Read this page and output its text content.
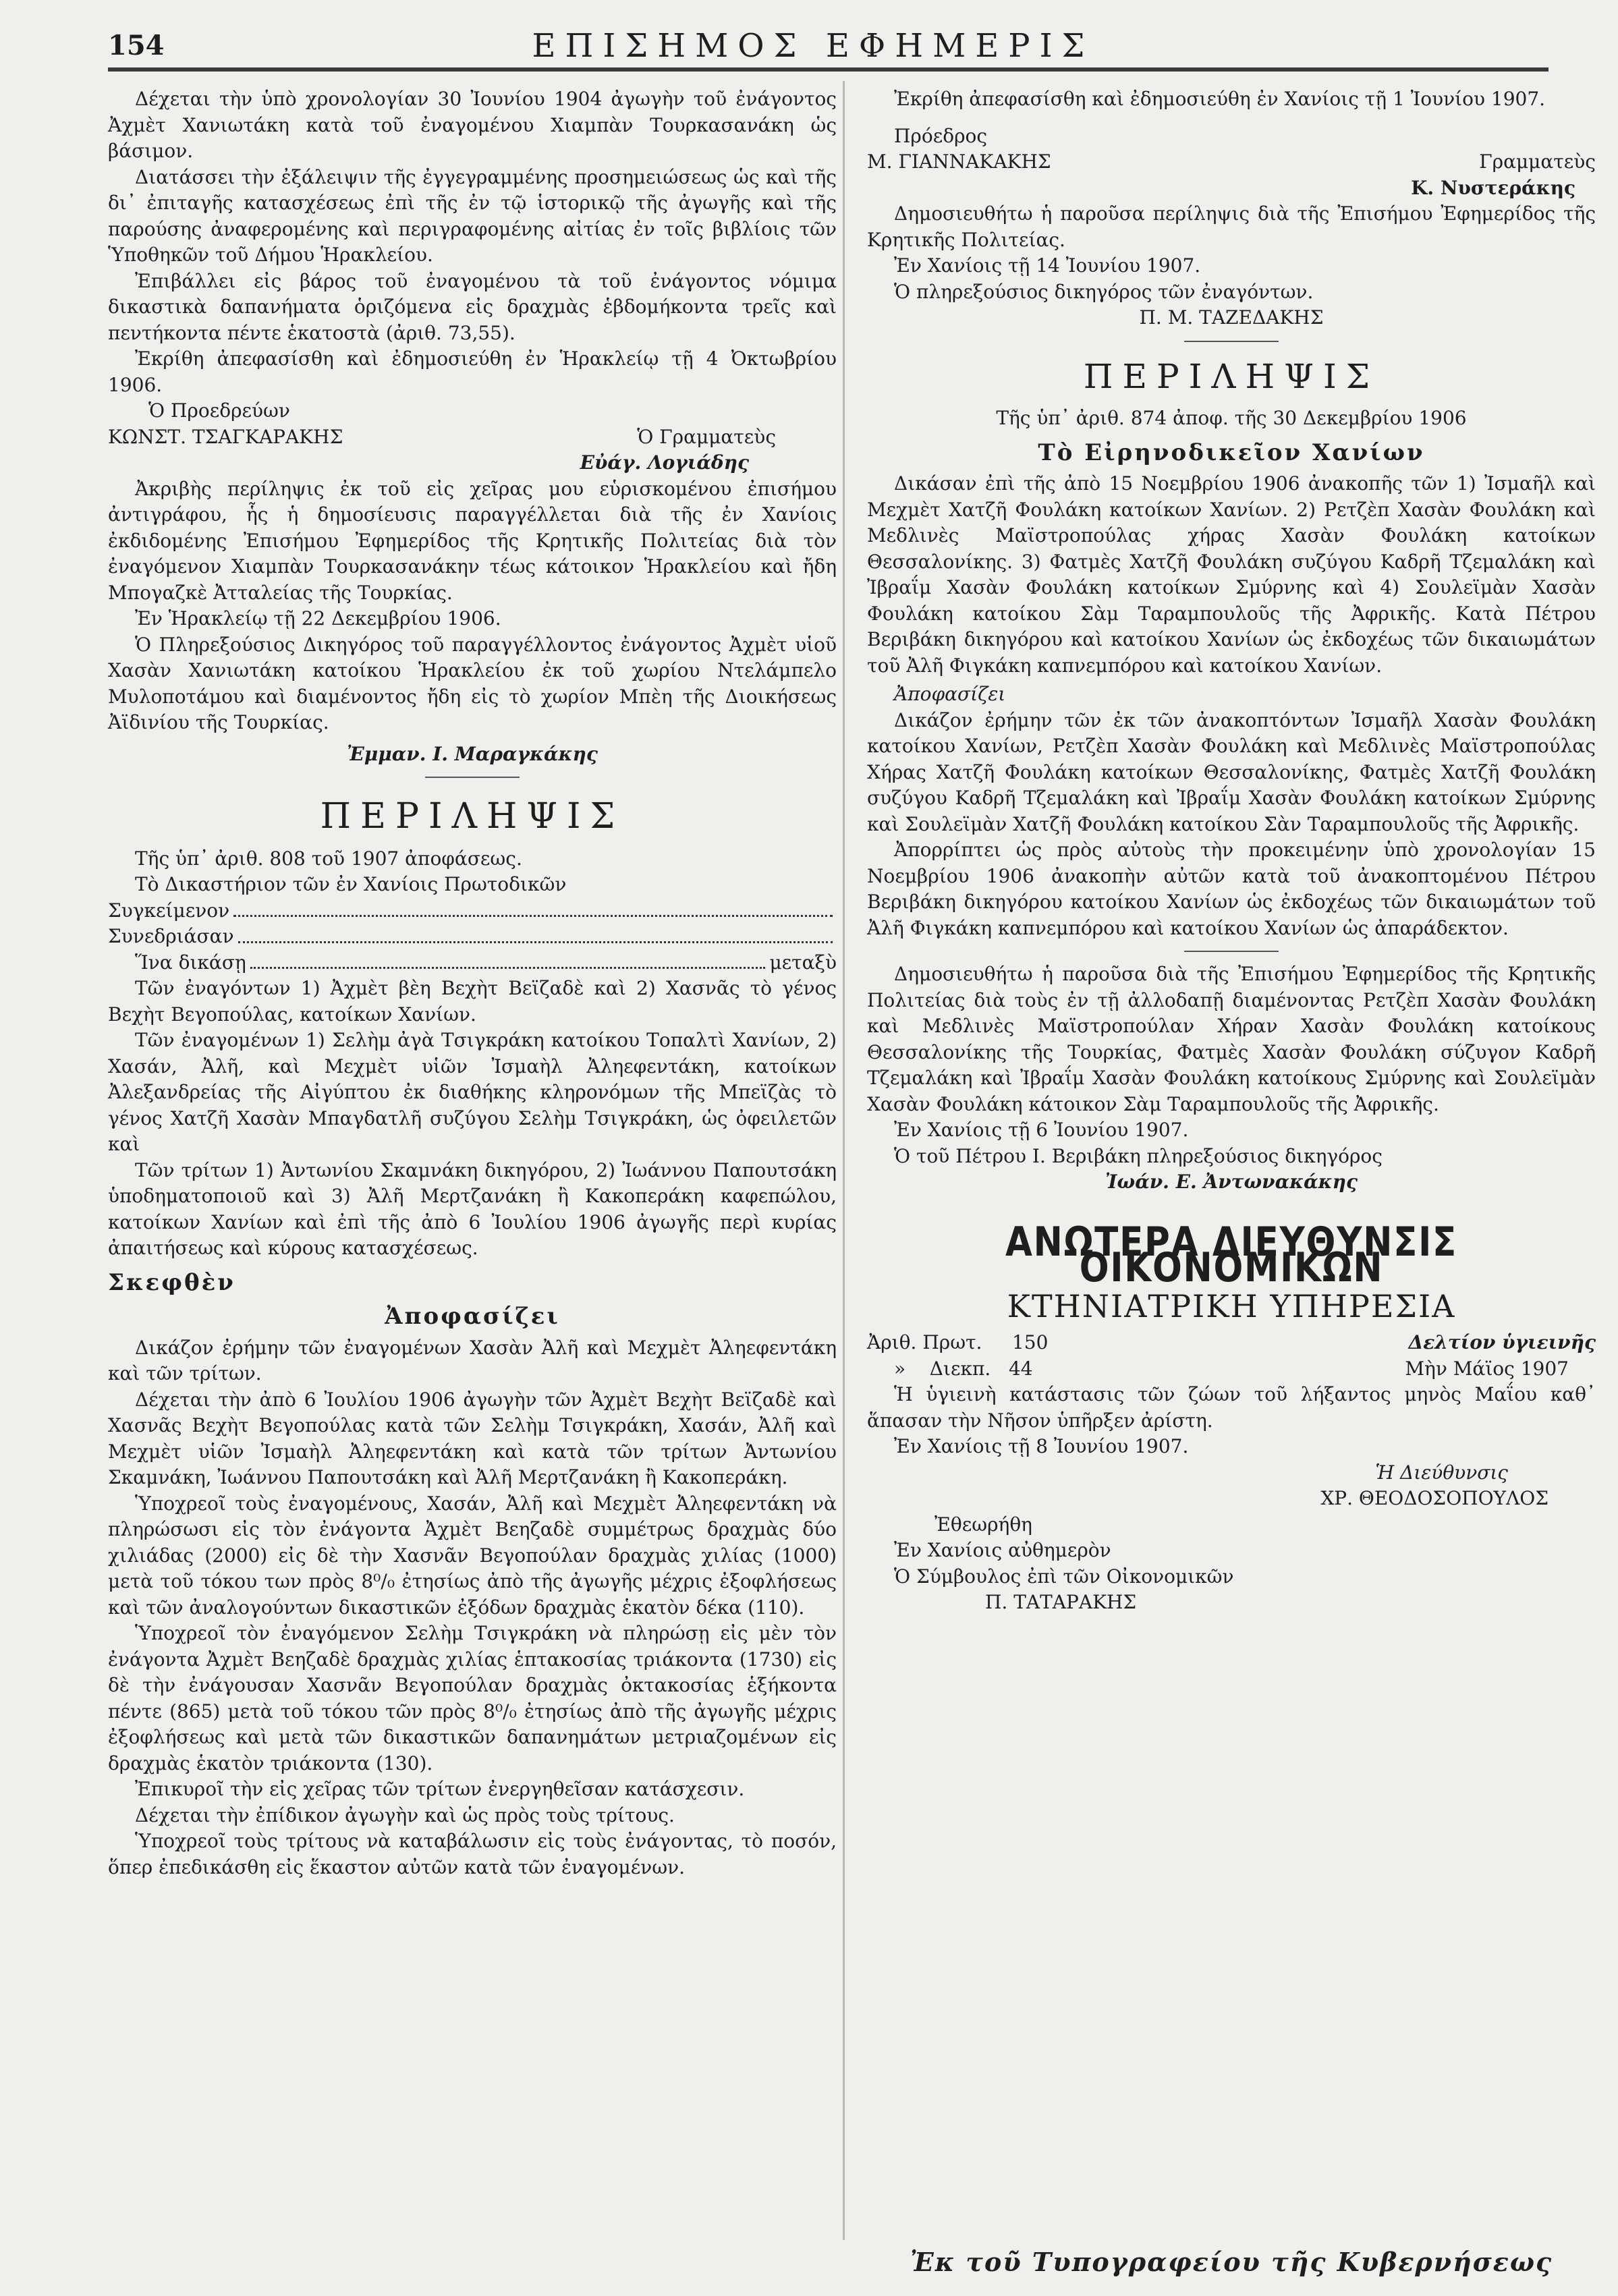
154	ΕΠΙΣΗΜΟΣ ΕΦΗΜΕΡΙΣ

Δέχεται τὴν ὑπὸ χρονολογίαν 30 Ἰουνίου 1904 ἀγωγὴν τοῦ ἐνάγοντος Ἀχμὲτ Χανιωτάκη κατὰ τοῦ ἐναγομένου Χιαμπὰν Τουρκασανάκη ὡς βάσιμον.

Διατάσσει τὴν ἐξάλειψιν τῆς ἐγγεγραμμένης προσημειώσεως ὡς καὶ τῆς δι᾽ ἐπιταγῆς κατασχέσεως ἐπὶ τῆς ἐν τῷ ἱστορικῷ τῆς ἀγωγῆς καὶ τῆς παρούσης ἀναφερομένης καὶ περιγραφομένης αἰτίας ἐν τοῖς βιβλίοις τῶν Ὑποθηκῶν τοῦ Δήμου Ἡρακλείου.

Ἐπιβάλλει εἰς βάρος τοῦ ἐναγομένου τὰ τοῦ ἐνάγοντος νόμιμα δικαστικὰ δαπανήματα ὁριζόμενα εἰς δραχμὰς ἑβδομήκοντα τρεῖς καὶ πεντήκοντα πέντε ἑκατοστὰ (ἀριθ. 73,55).

Ἐκρίθη ἀπεφασίσθη καὶ ἐδημοσιεύθη ἐν Ἡρακλείῳ τῇ 4 Ὀκτωβρίου 1906.

Ὁ Προεδρεύων

ΚΩΝΣΤ. ΤΣΑΓΚΑΡΑΚΗΣ	Ὁ Γραμματεὺς

Εὐάγ. Λογιάδης

Ἀκριβὴς περίληψις ἐκ τοῦ εἰς χεῖρας μου εὑρισκομένου ἐπισήμου ἀντιγράφου, ἧς ἡ δημοσίευσις παραγγέλλεται διὰ τῆς ἐν Χανίοις ἐκδιδομένης Ἐπισήμου Ἐφημερίδος τῆς Κρητικῆς Πολιτείας διὰ τὸν ἐναγόμενον Χιαμπὰν Τουρκασανάκην τέως κάτοικον Ἡρακλείου καὶ ἤδη Μπογαζκὲ Ἀτταλείας τῆς Τουρκίας.

Ἐν Ἡρακλείῳ τῇ 22 Δεκεμβρίου 1906.

Ὁ Πληρεξούσιος Δικηγόρος τοῦ παραγγέλλοντος ἐνάγοντος Ἀχμὲτ υἱοῦ Χασὰν Χανιωτάκη κατοίκου Ἡρακλείου ἐκ τοῦ χωρίου Ντελάμπελο Μυλοποτάμου καὶ διαμένοντος ἤδη εἰς τὸ χωρίον Μπὲη τῆς Διοικήσεως Ἀϊδινίου τῆς Τουρκίας.

Ἐμμαν. Ι. Μαραγκάκης

ΠΕΡΙΛΗΨΙΣ

Τῆς ὑπ᾽ ἀριθ. 808 τοῦ 1907 ἀποφάσεως.

Τὸ Δικαστήριον τῶν ἐν Χανίοις Πρωτοδικῶν

Συγκείμενον
Συνεδριάσαν
Ἵνα δικάσῃ	μεταξὺ

Τῶν ἐναγόντων 1) Ἀχμὲτ βὲη Βεχὴτ Βεϊζαδὲ καὶ 2) Χασνᾶς τὸ γένος Βεχὴτ Βεγοπούλας, κατοίκων Χανίων.

Τῶν ἐναγομένων 1) Σελὴμ ἀγὰ Τσιγκράκη κατοίκου Τοπαλτὶ Χανίων, 2) Χασάν, Ἀλῆ, καὶ Μεχμὲτ υἱῶν Ἰσμαὴλ Ἀληεφεντάκη, κατοίκων Ἀλεξανδρείας τῆς Αἰγύπτου ἐκ διαθήκης κληρονόμων τῆς Μπεϊζὰς τὸ γένος Χατζῆ Χασὰν Μπαγδατλῆ συζύγου Σελὴμ Τσιγκράκη, ὡς ὀφειλετῶν καὶ

Τῶν τρίτων 1) Ἀντωνίου Σκαμνάκη δικηγόρου, 2) Ἰωάννου Παπουτσάκη ὑποδηματοποιοῦ καὶ 3) Ἀλῆ Μερτζανάκη ἢ Κακοπεράκη καφεπώλου, κατοίκων Χανίων καὶ ἐπὶ τῆς ἀπὸ 6 Ἰουλίου 1906 ἀγωγῆς περὶ κυρίας ἀπαιτήσεως καὶ κύρους κατασχέσεως.

Σκεφθὲν

Ἀποφασίζει

Δικάζον ἐρήμην τῶν ἐναγομένων Χασὰν Ἀλῆ καὶ Μεχμὲτ Ἀληεφεντάκη καὶ τῶν τρίτων.

Δέχεται τὴν ἀπὸ 6 Ἰουλίου 1906 ἀγωγὴν τῶν Ἀχμὲτ Βεχὴτ Βεϊζαδὲ καὶ Χασνᾶς Βεχὴτ Βεγοπούλας κατὰ τῶν Σελὴμ Τσιγκράκη, Χασάν, Ἀλῆ καὶ Μεχμὲτ υἱῶν Ἰσμαὴλ Ἀληεφεντάκη καὶ κατὰ τῶν τρίτων Ἀντωνίου Σκαμνάκη, Ἰωάννου Παπουτσάκη καὶ Ἀλῆ Μερτζανάκη ἢ Κακοπεράκη.

Ὑποχρεοῖ τοὺς ἐναγομένους, Χασάν, Ἀλῆ καὶ Μεχμὲτ Ἀληεφεντάκη νὰ πληρώσωσι εἰς τὸν ἐνάγοντα Ἀχμὲτ Βεηζαδὲ συμμέτρως δραχμὰς δύο χιλιάδας (2000) εἰς δὲ τὴν Χασνᾶν Βεγοπούλαν δραχμὰς χιλίας (1000) μετὰ τοῦ τόκου των πρὸς 8⁰/₀ ἐτησίως ἀπὸ τῆς ἀγωγῆς μέχρις ἐξοφλήσεως καὶ τῶν ἀναλογούντων δικαστικῶν ἐξόδων δραχμὰς ἑκατὸν δέκα (110).

Ὑποχρεοῖ τὸν ἐναγόμενον Σελὴμ Τσιγκράκη νὰ πληρώσῃ εἰς μὲν τὸν ἐνάγοντα Ἀχμὲτ Βεηζαδὲ δραχμὰς χιλίας ἑπτακοσίας τριάκοντα (1730) εἰς δὲ τὴν ἐνάγουσαν Χασνᾶν Βεγοπούλαν δραχμὰς ὀκτακοσίας ἑξήκοντα πέντε (865) μετὰ τοῦ τόκου τῶν πρὸς 8⁰/₀ ἐτησίως ἀπὸ τῆς ἀγωγῆς μέχρις ἐξοφλήσεως καὶ μετὰ τῶν δικαστικῶν δαπανημάτων μετριαζομένων εἰς δραχμὰς ἑκατὸν τριάκοντα (130).

Ἐπικυροῖ τὴν εἰς χεῖρας τῶν τρίτων ἐνεργηθεῖσαν κατάσχεσιν.

Δέχεται τὴν ἐπίδικον ἀγωγὴν καὶ ὡς πρὸς τοὺς τρίτους.

Ὑποχρεοῖ τοὺς τρίτους νὰ καταβάλωσιν εἰς τοὺς ἐνάγοντας, τὸ ποσόν, ὅπερ ἐπεδικάσθη εἰς ἕκαστον αὐτῶν κατὰ τῶν ἐναγομένων.

Ἐκρίθη ἀπεφασίσθη καὶ ἐδημοσιεύθη ἐν Χανίοις τῇ 1 Ἰουνίου 1907.

Πρόεδρος

Μ. ΓΙΑΝΝΑΚΑΚΗΣ	Γραμματεὺς

Κ. Νυστεράκης

Δημοσιευθήτω ἡ παροῦσα περίληψις διὰ τῆς Ἐπισήμου Ἐφημερίδος τῆς Κρητικῆς Πολιτείας.

Ἐν Χανίοις τῇ 14 Ἰουνίου 1907.

Ὁ πληρεξούσιος δικηγόρος τῶν ἐναγόντων.

Π. Μ. ΤΑΖΕΔΑΚΗΣ

ΠΕΡΙΛΗΨΙΣ

Τῆς ὑπ᾽ ἀριθ. 874 ἀποφ. τῆς 30 Δεκεμβρίου 1906

Τὸ Εἰρηνοδικεῖον Χανίων

Δικάσαν ἐπὶ τῆς ἀπὸ 15 Νοεμβρίου 1906 ἀνακοπῆς τῶν 1) Ἰσμαῆλ καὶ Μεχμὲτ Χατζῆ Φουλάκη κατοίκων Χανίων. 2) Ρετζὲπ Χασὰν Φουλάκη καὶ Μεδλινὲς Μαϊστροπούλας χήρας Χασὰν Φουλάκη κατοίκων Θεσσαλονίκης. 3) Φατμὲς Χατζῆ Φουλάκη συζύγου Καδρῆ Τζεμαλάκη καὶ Ἰβραΐμ Χασὰν Φουλάκη κατοίκων Σμύρνης καὶ 4) Σουλεϊμὰν Χασὰν Φουλάκη κατοίκου Σὰμ Ταραμπουλοῦς τῆς Ἀφρικῆς. Κατὰ Πέτρου Βεριβάκη δικηγόρου καὶ κατοίκου Χανίων ὡς ἐκδοχέως τῶν δικαιωμάτων τοῦ Ἀλῆ Φιγκάκη καπνεμπόρου καὶ κατοίκου Χανίων.

Ἀποφασίζει

Δικάζον ἐρήμην τῶν ἐκ τῶν ἀνακοπτόντων Ἰσμαῆλ Χασὰν Φουλάκη κατοίκου Χανίων, Ρετζὲπ Χασὰν Φουλάκη καὶ Μεδλινὲς Μαϊστροπούλας Χήρας Χατζῆ Φουλάκη κατοίκων Θεσσαλονίκης, Φατμὲς Χατζῆ Φουλάκη συζύγου Καδρῆ Τζεμαλάκη καὶ Ἰβραΐμ Χασὰν Φουλάκη κατοίκων Σμύρνης καὶ Σουλεϊμὰν Χατζῆ Φουλάκη κατοίκου Σὰν Ταραμπουλοῦς τῆς Ἀφρικῆς.

Ἀπορρίπτει ὡς πρὸς αὐτοὺς τὴν προκειμένην ὑπὸ χρονολογίαν 15 Νοεμβρίου 1906 ἀνακοπὴν αὐτῶν κατὰ τοῦ ἀνακοπτομένου Πέτρου Βεριβάκη δικηγόρου κατοίκου Χανίων ὡς ἐκδοχέως τῶν δικαιωμάτων τοῦ Ἀλῆ Φιγκάκη καπνεμπόρου καὶ κατοίκου Χανίων ὡς ἀπαράδεκτον.

Δημοσιευθήτω ἡ παροῦσα διὰ τῆς Ἐπισήμου Ἐφημερίδος τῆς Κρητικῆς Πολιτείας διὰ τοὺς ἐν τῇ ἀλλοδαπῇ διαμένοντας Ρετζὲπ Χασὰν Φουλάκη καὶ Μεδλινὲς Μαϊστροπούλαν Χήραν Χασὰν Φουλάκη κατοίκους Θεσσαλονίκης τῆς Τουρκίας, Φατμὲς Χασὰν Φουλάκη σύζυγον Καδρῆ Τζεμαλάκη καὶ Ἰβραΐμ Χασὰν Φουλάκη κατοίκους Σμύρνης καὶ Σουλεϊμὰν Χασὰν Φουλάκη κάτοικον Σὰμ Ταραμπουλοῦς τῆς Ἀφρικῆς.

Ἐν Χανίοις τῇ 6 Ἰουνίου 1907.

Ὁ τοῦ Πέτρου Ι. Βεριβάκη πληρεξούσιος δικηγόρος

Ἰωάν. Ε. Ἀντωνακάκης

ΑΝΩΤΕΡΑ ΔΙΕΥΘΥΝΣΙΣ ΟΙΚΟΝΟΜΙΚΩΝ
ΚΤΗΝΙΑΤΡΙΚΗ ΥΠΗΡΕΣΙΑ
Ἀριθ. Πρωτ. 150	Δελτίον ὑγιεινῆς
» Διεκπ. 44	Μὴν Μάϊος 1907

Ἡ ὑγιεινὴ κατάστασις τῶν ζώων τοῦ λήξαντος μηνὸς Μαΐου καθ᾽ ἅπασαν τὴν Νῆσον ὑπῆρξεν ἀρίστη.

Ἐν Χανίοις τῇ 8 Ἰουνίου 1907.

Ἡ Διεύθυνσις

ΧΡ. ΘΕΟΔΟΣΟΠΟΥΛΟΣ

Ἐθεωρήθη

Ἐν Χανίοις αὐθημερὸν

Ὁ Σύμβουλος ἐπὶ τῶν Οἰκονομικῶν

Π. ΤΑΤΑΡΑΚΗΣ

Ἐκ τοῦ Τυπογραφείου τῆς Κυβερνήσεως
